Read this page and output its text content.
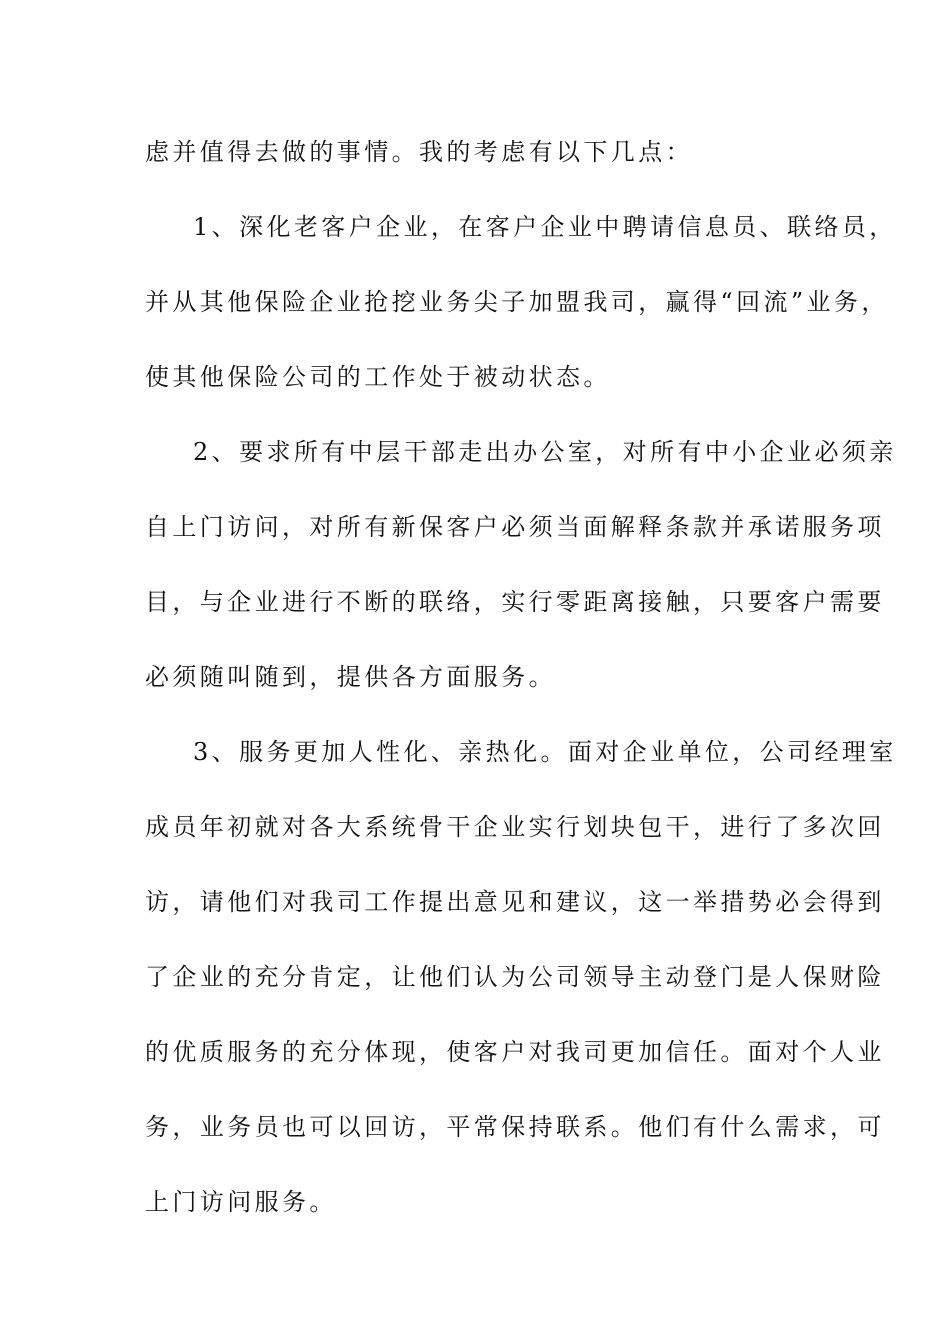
虑并值得去做的事情。我的考虑有以下几点：
1、深化老客户企业，在客户企业中聘请信息员、联络员，
并从其他保险企业抢挖业务尖子加盟我司，赢得“回流”业务，
使其他保险公司的工作处于被动状态。
2、要求所有中层干部走出办公室，对所有中小企业必须亲
自上门访问，对所有新保客户必须当面解释条款并承诺服务项
目，与企业进行不断的联络，实行零距离接触，只要客户需要
必须随叫随到，提供各方面服务。
3、服务更加人性化、亲热化。面对企业单位，公司经理室
成员年初就对各大系统骨干企业实行划块包干，进行了多次回
访，请他们对我司工作提出意见和建议，这一举措势必会得到
了企业的充分肯定，让他们认为公司领导主动登门是人保财险
的优质服务的充分体现，使客户对我司更加信任。面对个人业
务，业务员也可以回访，平常保持联系。他们有什么需求，可
上门访问服务。
